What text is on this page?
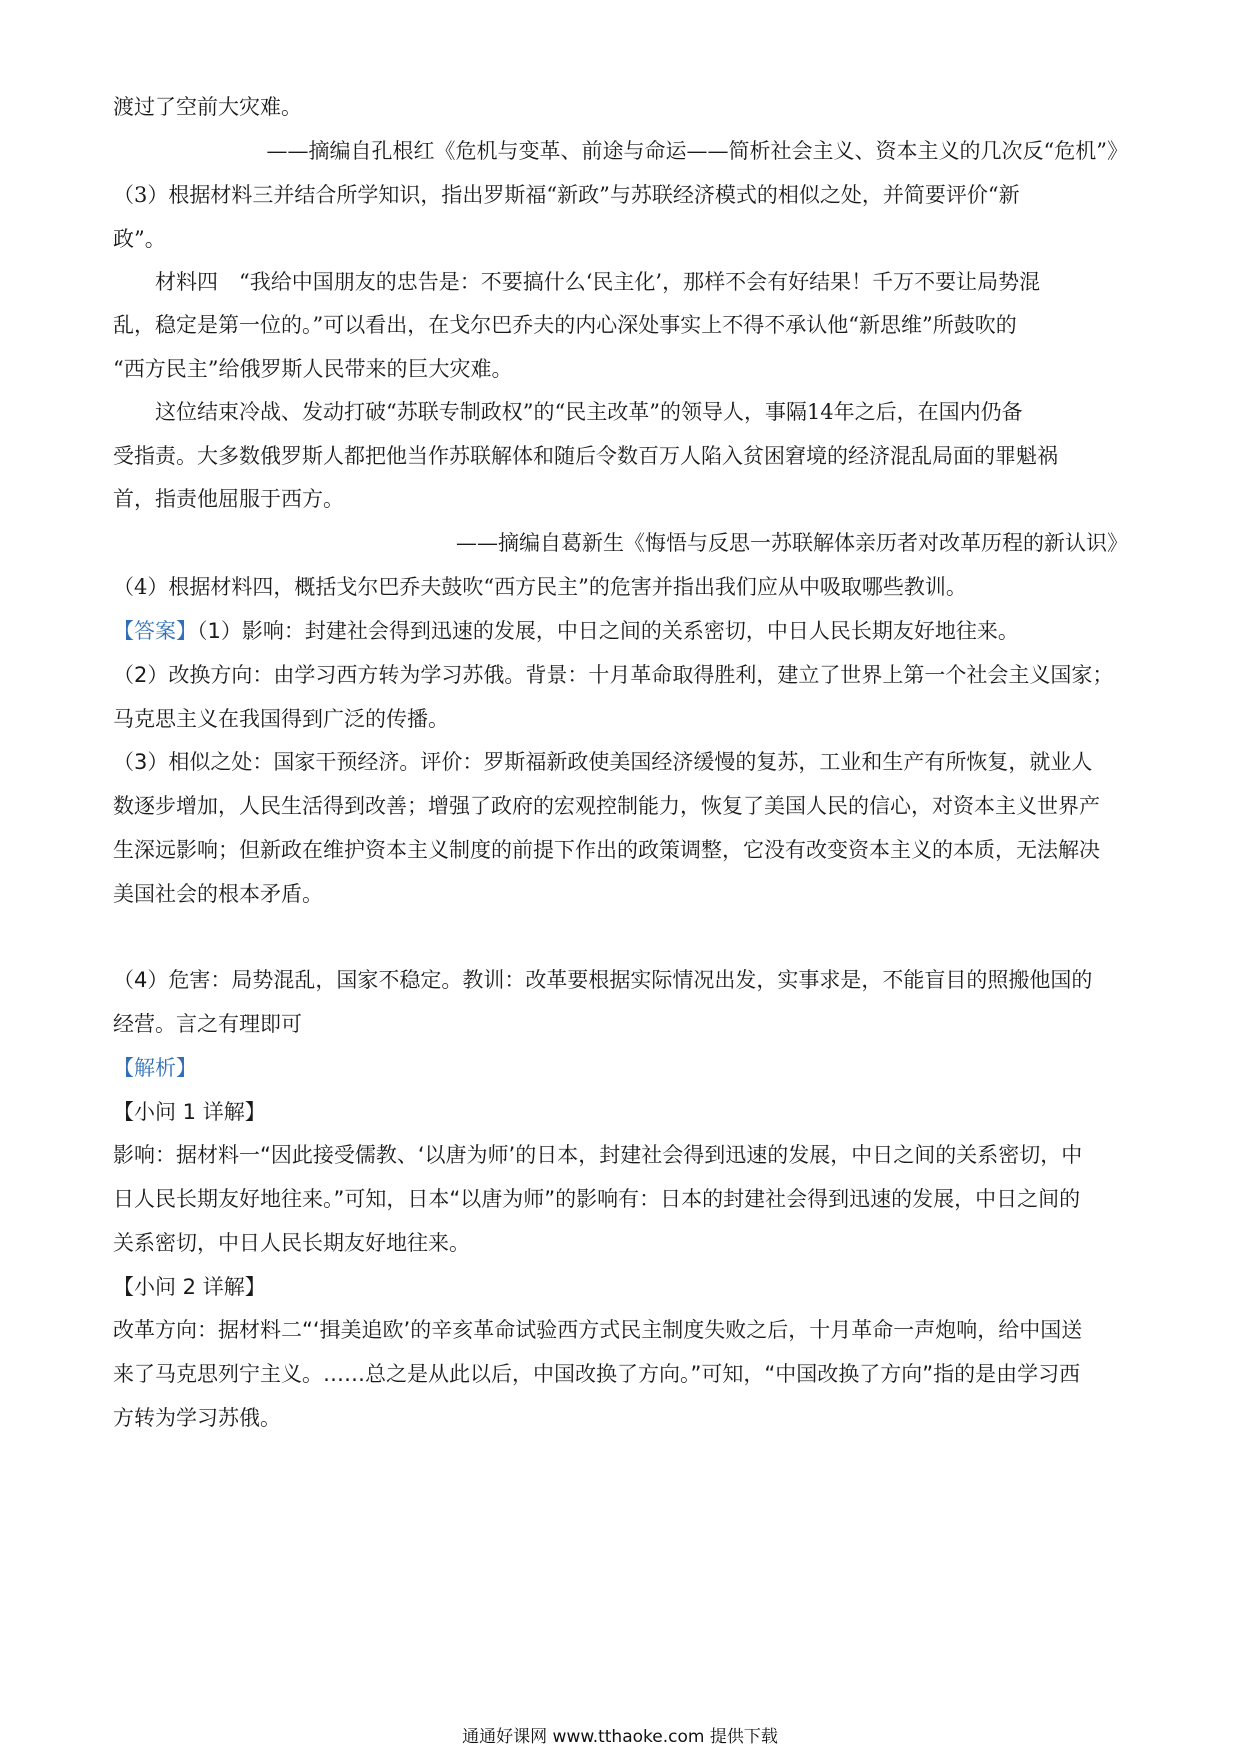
渡过了空前大灾难。
——摘编自孔根红《危机与变革、前途与命运——简析社会主义、资本主义的几次反“危机”》
（3）根据材料三并结合所学知识，指出罗斯福“新政”与苏联经济模式的相似之处，并简要评价“新
政”。
材料四　“我给中国朋友的忠告是：不要搞什么‘民主化’，那样不会有好结果！千万不要让局势混
乱，稳定是第一位的。”可以看出，在戈尔巴乔夫的内心深处事实上不得不承认他“新思维”所鼓吹的
“西方民主”给俄罗斯人民带来的巨大灾难。
这位结束冷战、发动打破“苏联专制政权”的“民主改革”的领导人，事隔14年之后，在国内仍备
受指责。大多数俄罗斯人都把他当作苏联解体和随后令数百万人陷入贫困窘境的经济混乱局面的罪魁祸
首，指责他屈服于西方。
——摘编自葛新生《悔悟与反思一苏联解体亲历者对改革历程的新认识》
（4）根据材料四，概括戈尔巴乔夫鼓吹“西方民主”的危害并指出我们应从中吸取哪些教训。
【答案】（1）影响：封建社会得到迅速的发展，中日之间的关系密切，中日人民长期友好地往来。
（2）改换方向：由学习西方转为学习苏俄。背景：十月革命取得胜利，建立了世界上第一个社会主义国家；
马克思主义在我国得到广泛的传播。
（3）相似之处：国家干预经济。评价：罗斯福新政使美国经济缓慢的复苏，工业和生产有所恢复，就业人
数逐步增加，人民生活得到改善；增强了政府的宏观控制能力，恢复了美国人民的信心，对资本主义世界产
生深远影响；但新政在维护资本主义制度的前提下作出的政策调整，它没有改变资本主义的本质，无法解决
美国社会的根本矛盾。
（4）危害：局势混乱，国家不稳定。教训：改革要根据实际情况出发，实事求是，不能盲目的照搬他国的
经营。言之有理即可
【解析】
【小问 1 详解】
影响：据材料一“因此接受儒教、‘以唐为师’的日本，封建社会得到迅速的发展，中日之间的关系密切，中
日人民长期友好地往来。”可知，日本“以唐为师”的影响有：日本的封建社会得到迅速的发展，中日之间的
关系密切，中日人民长期友好地往来。
【小问 2 详解】
改革方向：据材料二“‘揖美追欧’的辛亥革命试验西方式民主制度失败之后，十月革命一声炮响，给中国送
来了马克思列宁主义。……总之是从此以后，中国改换了方向。”可知，“中国改换了方向”指的是由学习西
方转为学习苏俄。
通通好课网 www.tthaoke.com 提供下载
